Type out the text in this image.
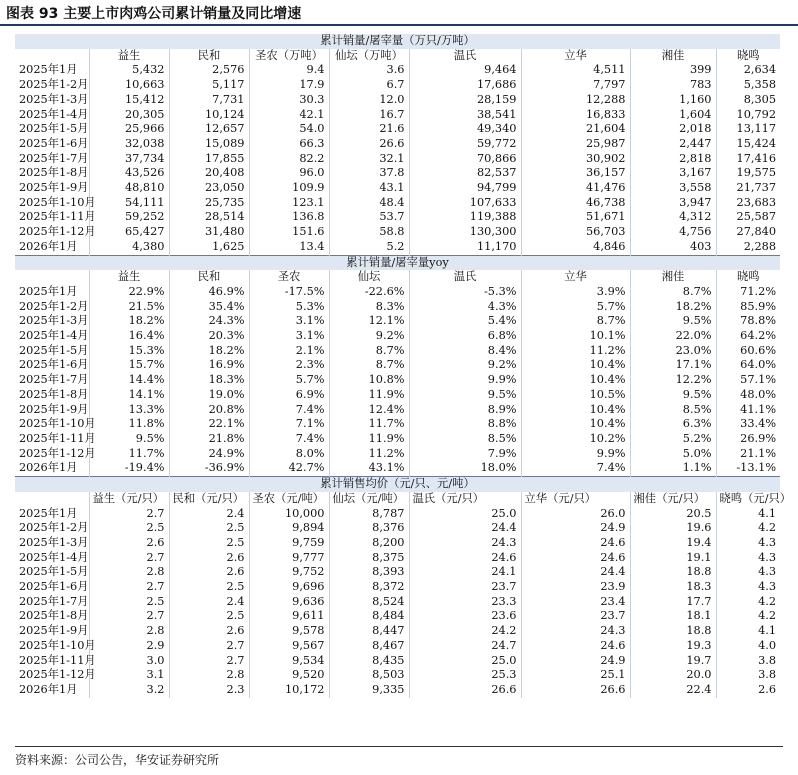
图表 93 主要上市肉鸡公司累计销量及同比增速
累计销量/屠宰量（万只/万吨）								
	益生	民和	圣农（万吨）	仙坛（万吨）	温氏	立华	湘佳	晓鸣
2025年1月	5,432	2,576	9.4	3.6	9,464	4,511	399	2,634
2025年1-2月	10,663	5,117	17.9	6.7	17,686	7,797	783	5,358
2025年1-3月	15,412	7,731	30.3	12.0	28,159	12,288	1,160	8,305
2025年1-4月	20,305	10,124	42.1	16.7	38,541	16,833	1,604	10,792
2025年1-5月	25,966	12,657	54.0	21.6	49,340	21,604	2,018	13,117
2025年1-6月	32,038	15,089	66.3	26.6	59,772	25,987	2,447	15,424
2025年1-7月	37,734	17,855	82.2	32.1	70,866	30,902	2,818	17,416
2025年1-8月	43,526	20,408	96.0	37.8	82,537	36,157	3,167	19,575
2025年1-9月	48,810	23,050	109.9	43.1	94,799	41,476	3,558	21,737
2025年1-10月	54,111	25,735	123.1	48.4	107,633	46,738	3,947	23,683
2025年1-11月	59,252	28,514	136.8	53.7	119,388	51,671	4,312	25,587
2025年1-12月	65,427	31,480	151.6	58.8	130,300	56,703	4,756	27,840
2026年1月	4,380	1,625	13.4	5.2	11,170	4,846	403	2,288
累计销量/屠宰量yoy								
	益生	民和	圣农	仙坛	温氏	立华	湘佳	晓鸣
2025年1月	22.9%	46.9%	-17.5%	-22.6%	-5.3%	3.9%	8.7%	71.2%
2025年1-2月	21.5%	35.4%	5.3%	8.3%	4.3%	5.7%	18.2%	85.9%
2025年1-3月	18.2%	24.3%	3.1%	12.1%	5.4%	8.7%	9.5%	78.8%
2025年1-4月	16.4%	20.3%	3.1%	9.2%	6.8%	10.1%	22.0%	64.2%
2025年1-5月	15.3%	18.2%	2.1%	8.7%	8.4%	11.2%	23.0%	60.6%
2025年1-6月	15.7%	16.9%	2.3%	8.7%	9.2%	10.4%	17.1%	64.0%
2025年1-7月	14.4%	18.3%	5.7%	10.8%	9.9%	10.4%	12.2%	57.1%
2025年1-8月	14.1%	19.0%	6.9%	11.9%	9.5%	10.5%	9.5%	48.0%
2025年1-9月	13.3%	20.8%	7.4%	12.4%	8.9%	10.4%	8.5%	41.1%
2025年1-10月	11.8%	22.1%	7.1%	11.7%	8.8%	10.4%	6.3%	33.4%
2025年1-11月	9.5%	21.8%	7.4%	11.9%	8.5%	10.2%	5.2%	26.9%
2025年1-12月	11.7%	24.9%	8.0%	11.2%	7.9%	9.9%	5.0%	21.1%
2026年1月	-19.4%	-36.9%	42.7%	43.1%	18.0%	7.4%	1.1%	-13.1%
累计销售均价（元/只、元/吨）								
	益生（元/只）	民和（元/只）	圣农（元/吨）	仙坛（元/吨）	温氏（元/只）	立华（元/只）	湘佳（元/只）	晓鸣（元/只）
2025年1月	2.7	2.4	10,000	8,787	25.0	26.0	20.5	4.1
2025年1-2月	2.5	2.5	9,894	8,376	24.4	24.9	19.6	4.2
2025年1-3月	2.6	2.5	9,759	8,200	24.3	24.6	19.4	4.3
2025年1-4月	2.7	2.6	9,777	8,375	24.6	24.6	19.1	4.3
2025年1-5月	2.8	2.6	9,752	8,393	24.1	24.4	18.8	4.3
2025年1-6月	2.7	2.5	9,696	8,372	23.7	23.9	18.3	4.3
2025年1-7月	2.5	2.4	9,636	8,524	23.3	23.4	17.7	4.2
2025年1-8月	2.7	2.5	9,611	8,484	23.6	23.7	18.1	4.2
2025年1-9月	2.8	2.6	9,578	8,447	24.2	24.3	18.8	4.1
2025年1-10月	2.9	2.7	9,567	8,467	24.7	24.6	19.3	4.0
2025年1-11月	3.0	2.7	9,534	8,435	25.0	24.9	19.7	3.8
2025年1-12月	3.1	2.8	9,520	8,503	25.3	25.1	20.0	3.8
2026年1月	3.2	2.3	10,172	9,335	26.6	26.6	22.4	2.6
资料来源：公司公告，华安证券研究所
